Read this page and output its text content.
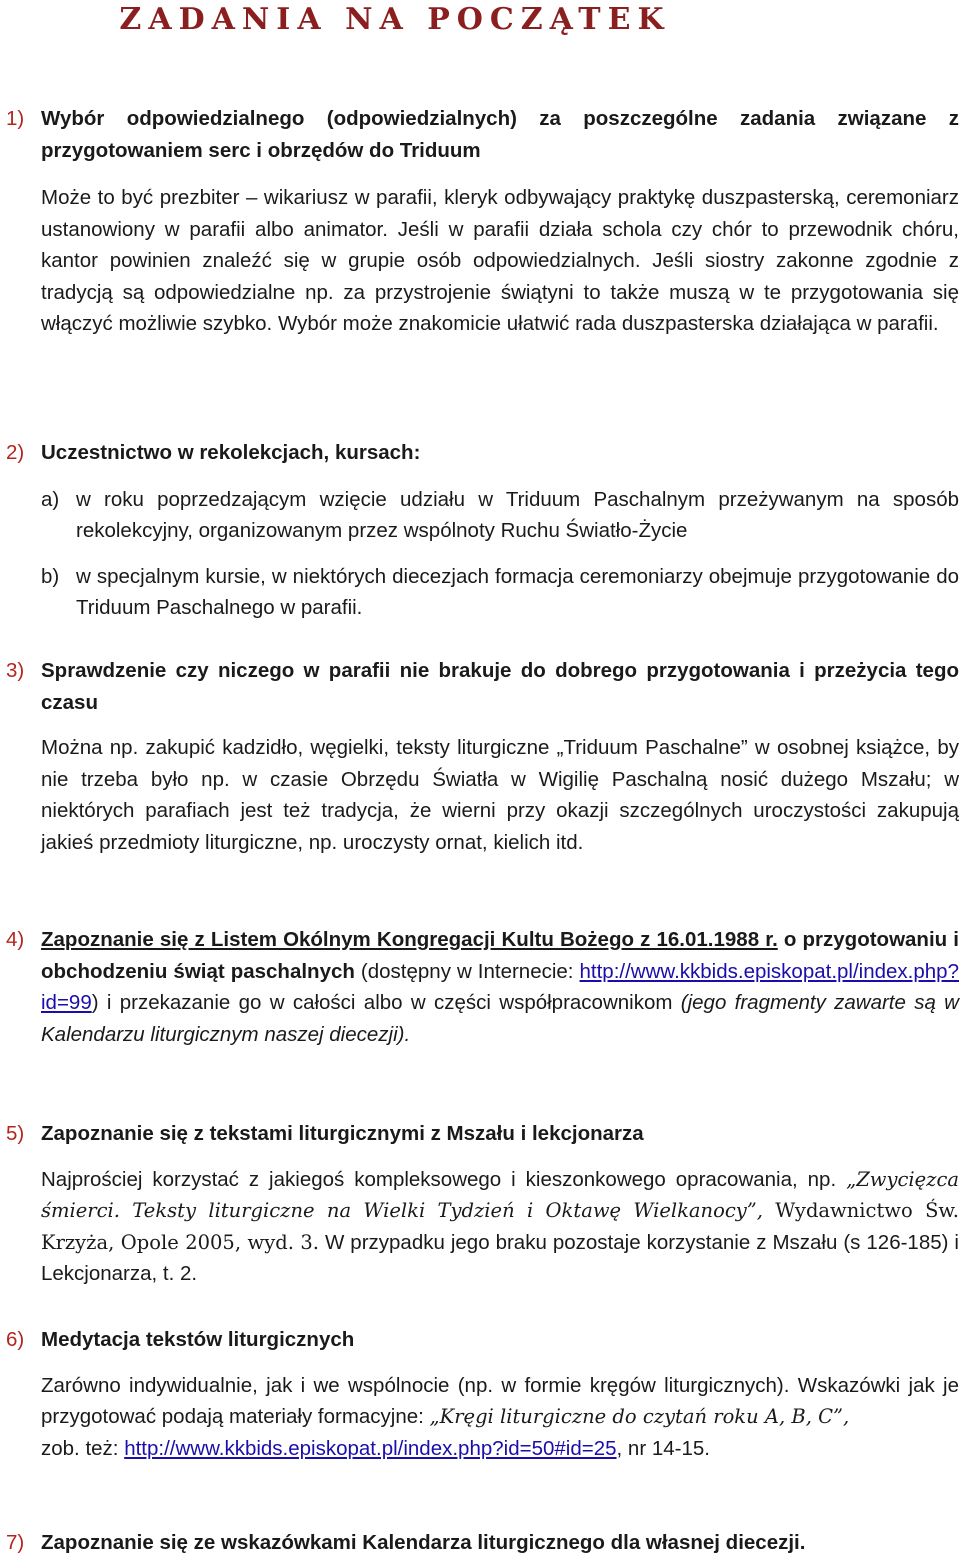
ZADANIA NA POCZĄTEK
1) Wybór odpowiedzialnego (odpowiedzialnych) za poszczególne zadania związane z przygotowaniem serc i obrzędów do Triduum
Może to być prezbiter – wikariusz w parafii, kleryk odbywający praktykę duszpasterską, ceremoniarz ustanowiony w parafii albo animator. Jeśli w parafii działa schola czy chór to przewodnik chóru, kantor powinien znaleźć się w grupie osób odpowiedzialnych. Jeśli siostry zakonne zgodnie z tradycją są odpowiedzialne np. za przystrojenie świątyni to także muszą w te przygotowania się włączyć możliwie szybko. Wybór może znakomicie ułatwić rada duszpasterska działająca w parafii.
2) Uczestnictwo w rekolekcjach, kursach:
a) w roku poprzedzającym wzięcie udziału w Triduum Paschalnym przeżywanym na sposób rekolekcyjny, organizowanym przez wspólnoty Ruchu Światło-Życie
b) w specjalnym kursie, w niektórych diecezjach formacja ceremoniarzy obejmuje przygotowanie do Triduum Paschalnego w parafii.
3) Sprawdzenie czy niczego w parafii nie brakuje do dobrego przygotowania i przeżycia tego czasu
Można np. zakupić kadzidło, węgielki, teksty liturgiczne „Triduum Paschalne” w osobnej książce, by nie trzeba było np. w czasie Obrzędu Światła w Wigilię Paschalną nosić dużego Mszału; w niektórych parafiach jest też tradycja, że wierni przy okazji szczególnych uroczystości zakupują jakieś przedmioty liturgiczne, np. uroczysty ornat, kielich itd.
4) Zapoznanie się z Listem Okólnym Kongregacji Kultu Bożego z 16.01.1988 r. o przygotowaniu i obchodzeniu świąt paschalnych (dostępny w Internecie: http://www.kkbids.episkopat.pl/index.php?id=99) i przekazanie go w całości albo w części współpracownikom (jego fragmenty zawarte są w Kalendarzu liturgicznym naszej diecezji).
5) Zapoznanie się z tekstami liturgicznymi z Mszału i lekcjonarza
Najprościej korzystać z jakiegoś kompleksowego i kieszonkowego opracowania, np. „Zwycięzca śmierci. Teksty liturgiczne na Wielki Tydzień i Oktawę Wielkanocy”, Wydawnictwo Św. Krzyża, Opole 2005, wyd. 3. W przypadku jego braku pozostaje korzystanie z Mszału (s 126-185) i Lekcjonarza, t. 2.
6) Medytacja tekstów liturgicznych
Zarówno indywidualnie, jak i we wspólnocie (np. w formie kręgów liturgicznych). Wskazówki jak je przygotować podają materiały formacyjne: „Kręgi liturgiczne do czytań roku A, B, C”,
zob. też: http://www.kkbids.episkopat.pl/index.php?id=50#id=25, nr 14-15.
7) Zapoznanie się ze wskazówkami Kalendarza liturgicznego dla własnej diecezji.
